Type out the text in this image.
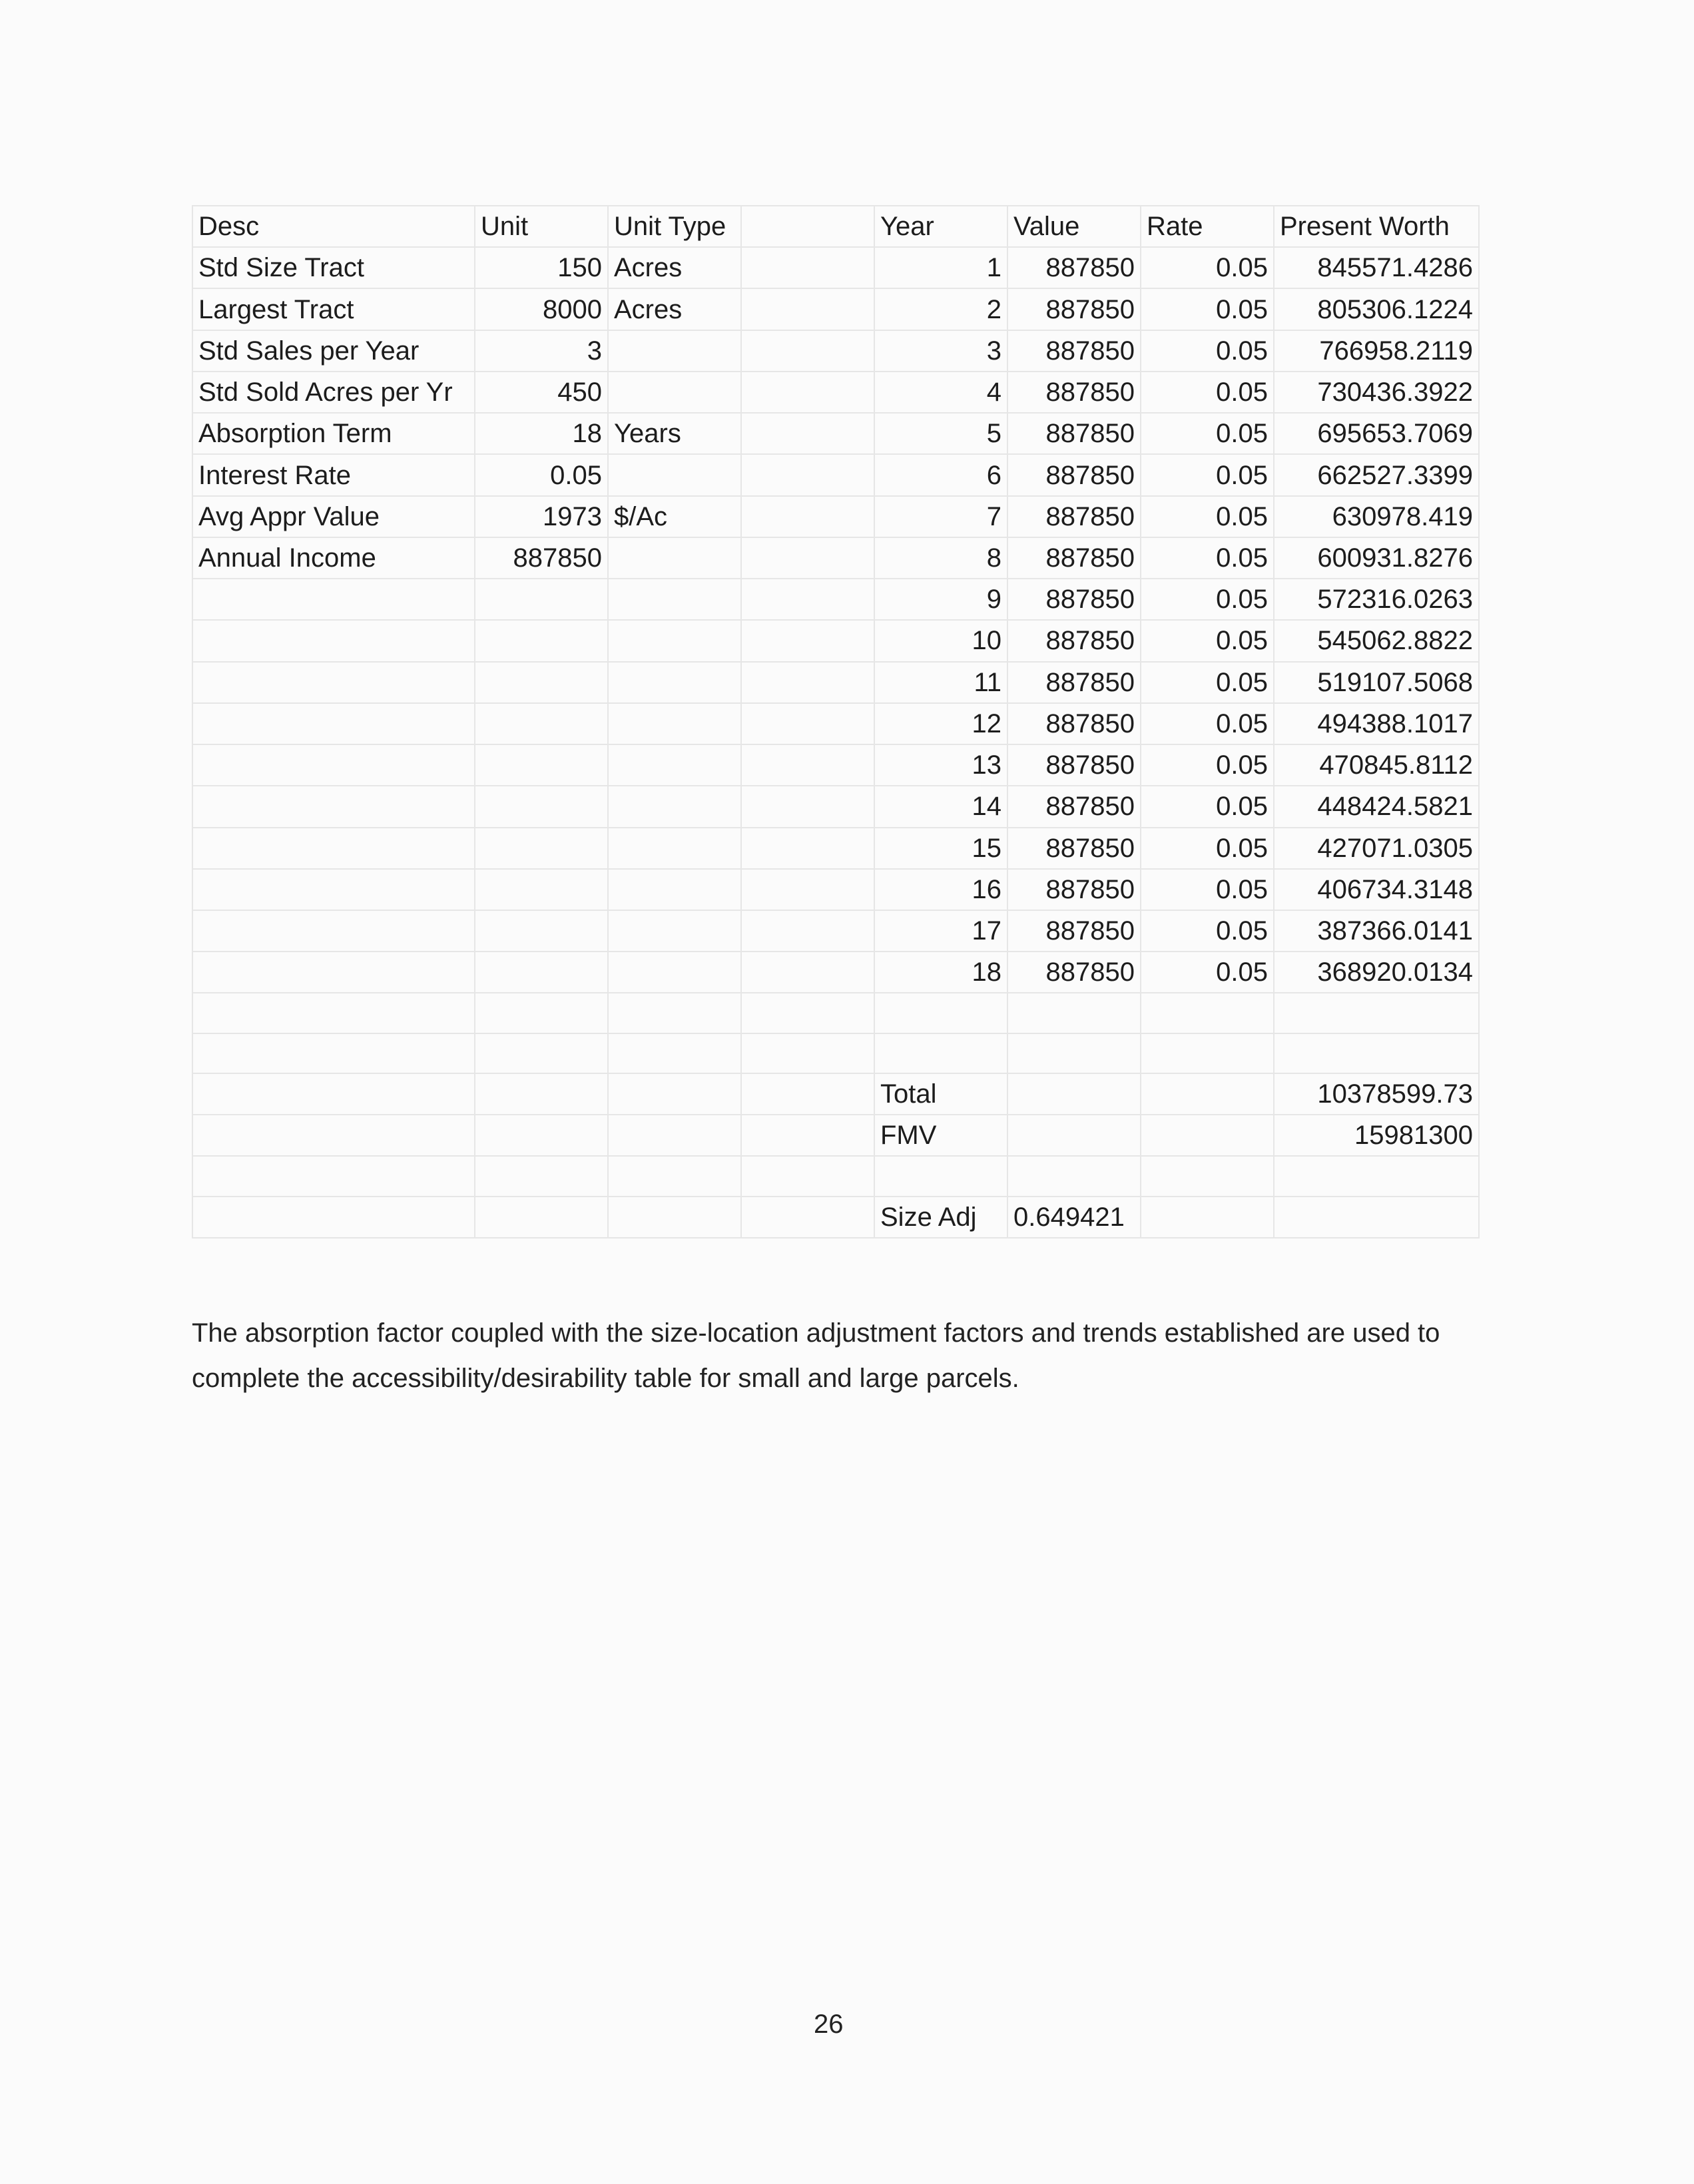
Desc	Unit	Unit Type		Year	Value	Rate	Present Worth
Std Size Tract	150	Acres		1	887850	0.05	845571.4286
Largest Tract	8000	Acres		2	887850	0.05	805306.1224
Std Sales per Year	3			3	887850	0.05	766958.2119
Std Sold Acres per Yr	450			4	887850	0.05	730436.3922
Absorption Term	18	Years		5	887850	0.05	695653.7069
Interest Rate	0.05			6	887850	0.05	662527.3399
Avg Appr Value	1973	$/Ac		7	887850	0.05	630978.419
Annual Income	887850			8	887850	0.05	600931.8276
				9	887850	0.05	572316.0263
				10	887850	0.05	545062.8822
				11	887850	0.05	519107.5068
				12	887850	0.05	494388.1017
				13	887850	0.05	470845.8112
				14	887850	0.05	448424.5821
				15	887850	0.05	427071.0305
				16	887850	0.05	406734.3148
				17	887850	0.05	387366.0141
				18	887850	0.05	368920.0134

				Total			10378599.73
				FMV			15981300

				Size Adj	0.649421		
The absorption factor coupled with the size-location adjustment factors and trends established are used to complete the accessibility/desirability table for small and large parcels.
26
